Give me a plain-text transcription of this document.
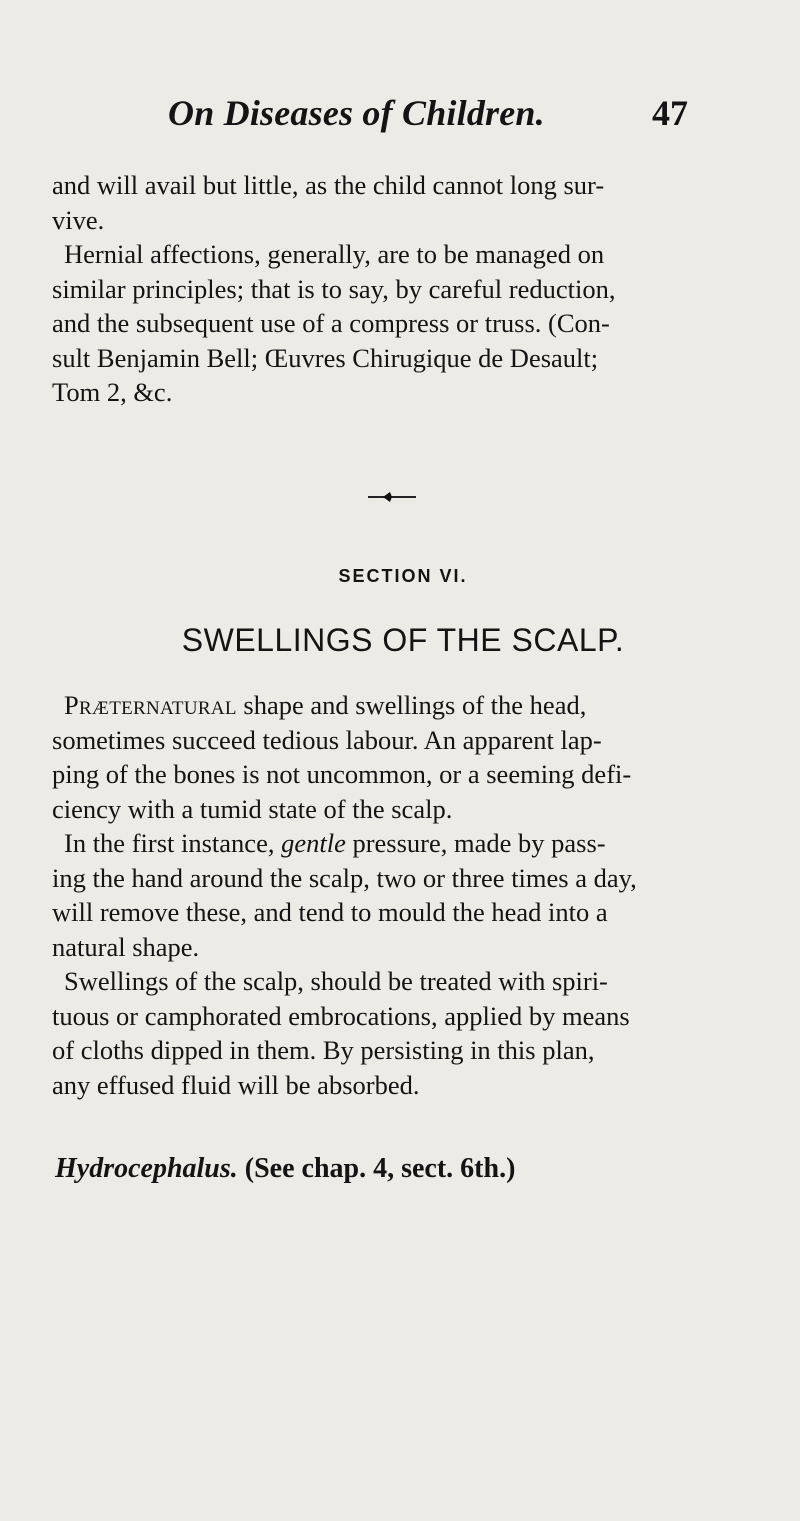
On Diseases of Children.	47

and will avail but little, as the child cannot long sur-
vive.

Hernial affections, generally, are to be managed on
similar principles; that is to say, by careful reduction,
and the subsequent use of a compress or truss. (Con-
sult Benjamin Bell; Œuvres Chirugique de Desault;
Tom 2, &c.

SECTION VI.
SWELLINGS OF THE SCALP.

Præternatural shape and swellings of the head,
sometimes succeed tedious labour. An apparent lap-
ping of the bones is not uncommon, or a seeming defi-
ciency with a tumid state of the scalp.

In the first instance, gentle pressure, made by pass-
ing the hand around the scalp, two or three times a day,
will remove these, and tend to mould the head into a
natural shape.

Swellings of the scalp, should be treated with spiri-
tuous or camphorated embrocations, applied by means
of cloths dipped in them. By persisting in this plan,
any effused fluid will be absorbed.

Hydrocephalus. (See chap. 4, sect. 6th.)
